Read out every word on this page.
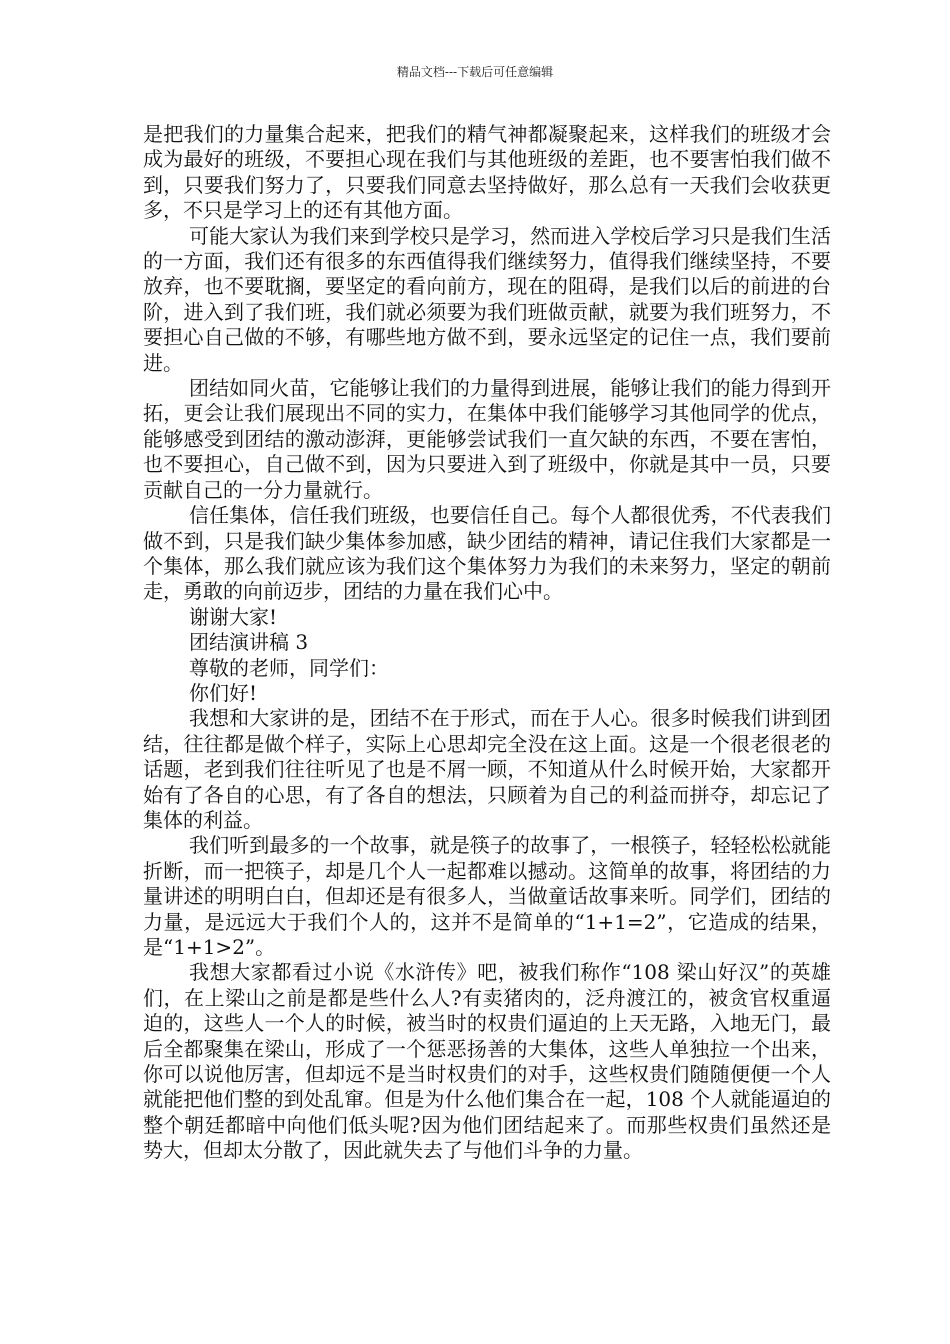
精品文档---下载后可任意编辑

是把我们的力量集合起来，把我们的精气神都凝聚起来，这样我们的班级才会成为最好的班级，不要担心现在我们与其他班级的差距，也不要害怕我们做不到，只要我们努力了，只要我们同意去坚持做好，那么总有一天我们会收获更多，不只是学习上的还有其他方面。

可能大家认为我们来到学校只是学习，然而进入学校后学习只是我们生活的一方面，我们还有很多的东西值得我们继续努力，值得我们继续坚持，不要放弃，也不要耽搁，要坚定的看向前方，现在的阻碍，是我们以后的前进的台阶，进入到了我们班，我们就必须要为我们班做贡献，就要为我们班努力，不要担心自己做的不够，有哪些地方做不到，要永远坚定的记住一点，我们要前进。

团结如同火苗，它能够让我们的力量得到进展，能够让我们的能力得到开拓，更会让我们展现出不同的实力，在集体中我们能够学习其他同学的优点，能够感受到团结的激动澎湃，更能够尝试我们一直欠缺的东西，不要在害怕，也不要担心，自己做不到，因为只要进入到了班级中，你就是其中一员，只要贡献自己的一分力量就行。

信任集体，信任我们班级，也要信任自己。每个人都很优秀，不代表我们做不到，只是我们缺少集体参加感，缺少团结的精神，请记住我们大家都是一个集体，那么我们就应该为我们这个集体努力为我们的未来努力，坚定的朝前走，勇敢的向前迈步，团结的力量在我们心中。

谢谢大家!

团结演讲稿 3

尊敬的老师，同学们：

你们好!

我想和大家讲的是，团结不在于形式，而在于人心。很多时候我们讲到团结，往往都是做个样子，实际上心思却完全没在这上面。这是一个很老很老的话题，老到我们往往听见了也是不屑一顾，不知道从什么时候开始，大家都开始有了各自的心思，有了各自的想法，只顾着为自己的利益而拼夺，却忘记了集体的利益。

我们听到最多的一个故事，就是筷子的故事了，一根筷子，轻轻松松就能折断，而一把筷子，却是几个人一起都难以撼动。这简单的故事，将团结的力量讲述的明明白白，但却还是有很多人，当做童话故事来听。同学们，团结的力量，是远远大于我们个人的，这并不是简单的“1+1=2”，它造成的结果，是“1+1>2”。

我想大家都看过小说《水浒传》吧，被我们称作“108 梁山好汉”的英雄们，在上梁山之前是都是些什么人?有卖猪肉的，泛舟渡江的，被贪官权重逼迫的，这些人一个人的时候，被当时的权贵们逼迫的上天无路，入地无门，最后全都聚集在梁山，形成了一个惩恶扬善的大集体，这些人单独拉一个出来，你可以说他厉害，但却远不是当时权贵们的对手，这些权贵们随随便便一个人就能把他们整的到处乱窜。但是为什么他们集合在一起，108 个人就能逼迫的整个朝廷都暗中向他们低头呢?因为他们团结起来了。而那些权贵们虽然还是势大，但却太分散了，因此就失去了与他们斗争的力量。
